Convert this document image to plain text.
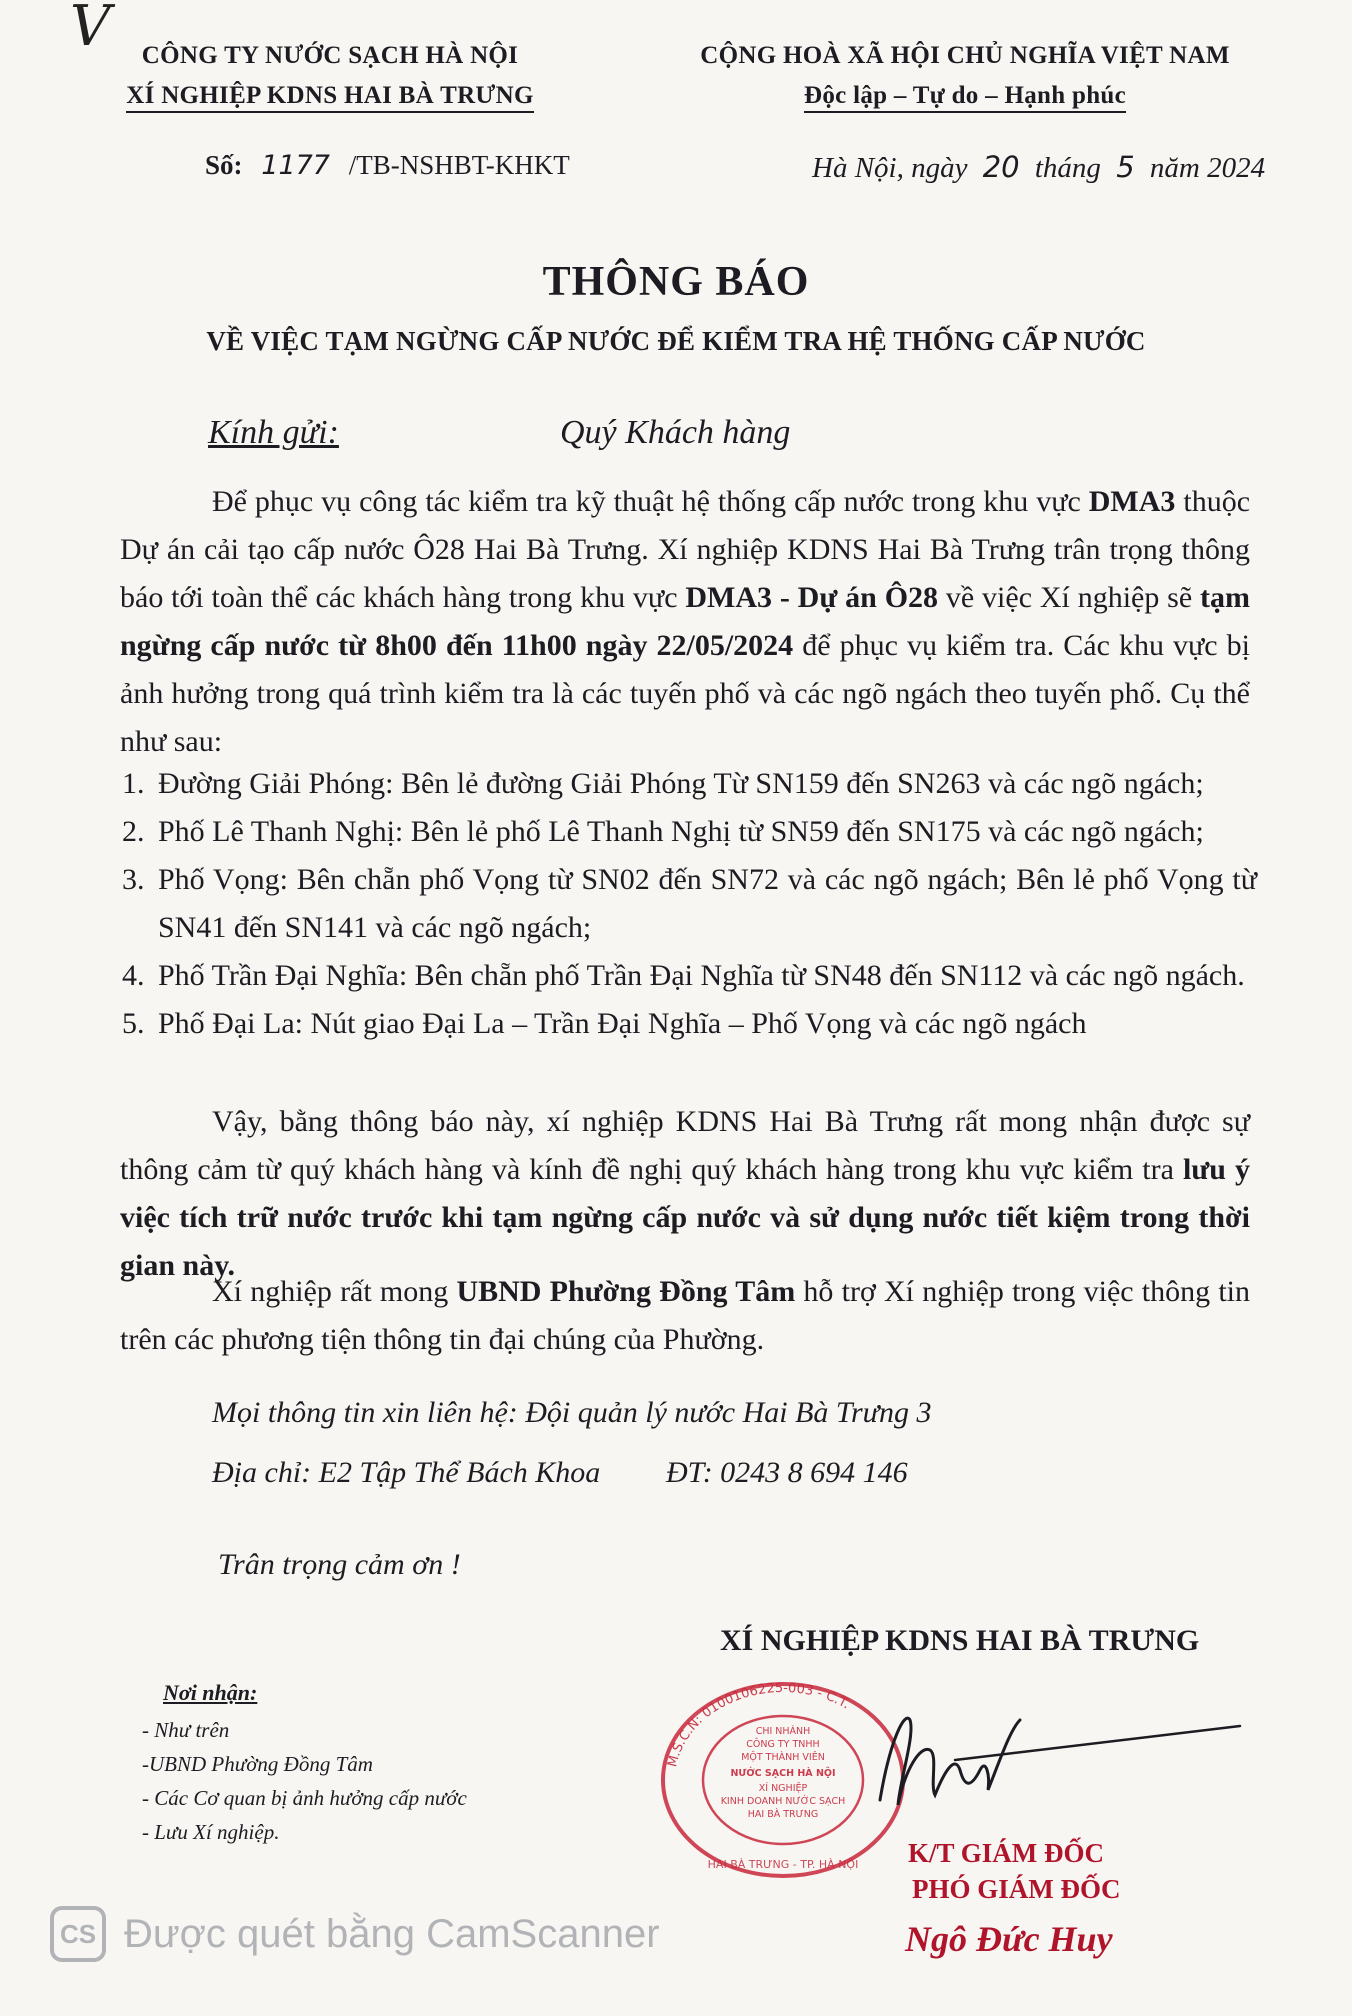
V	CÔNG TY NƯỚC SẠCH HÀ NỘI
XÍ NGHIỆP KDNS HAI BÀ TRƯNG
CỘNG HOÀ XÃ HỘI CHỦ NGHĨA VIỆT NAM
Độc lập – Tự do – Hạnh phúc
Số: 1177 /TB-NSHBT-KHKT	Hà Nội, ngày 20 tháng 5 năm 2024
THÔNG BÁO
VỀ VIỆC TẠM NGỪNG CẤP NƯỚC ĐỂ KIỂM TRA HỆ THỐNG CẤP NƯỚC
Kính gửi:	Quý Khách hàng

Để phục vụ công tác kiểm tra kỹ thuật hệ thống cấp nước trong khu vực DMA3 thuộc Dự án cải tạo cấp nước Ô28 Hai Bà Trưng. Xí nghiệp KDNS Hai Bà Trưng trân trọng thông báo tới toàn thể các khách hàng trong khu vực DMA3 - Dự án Ô28 về việc Xí nghiệp sẽ tạm ngừng cấp nước từ 8h00 đến 11h00 ngày 22/05/2024 để phục vụ kiểm tra. Các khu vực bị ảnh hưởng trong quá trình kiểm tra là các tuyến phố và các ngõ ngách theo tuyến phố. Cụ thể như sau:

1. Đường Giải Phóng: Bên lẻ đường Giải Phóng Từ SN159 đến SN263 và các ngõ ngách;
2. Phố Lê Thanh Nghị: Bên lẻ phố Lê Thanh Nghị từ SN59 đến SN175 và các ngõ ngách;
3. Phố Vọng: Bên chẵn phố Vọng từ SN02 đến SN72 và các ngõ ngách; Bên lẻ phố Vọng từ SN41 đến SN141 và các ngõ ngách;
4. Phố Trần Đại Nghĩa: Bên chẵn phố Trần Đại Nghĩa từ SN48 đến SN112 và các ngõ ngách.
5. Phố Đại La: Nút giao Đại La – Trần Đại Nghĩa – Phố Vọng và các ngõ ngách

Vậy, bằng thông báo này, xí nghiệp KDNS Hai Bà Trưng rất mong nhận được sự thông cảm từ quý khách hàng và kính đề nghị quý khách hàng trong khu vực kiểm tra lưu ý việc tích trữ nước trước khi tạm ngừng cấp nước và sử dụng nước tiết kiệm trong thời gian này.

Xí nghiệp rất mong UBND Phường Đồng Tâm hỗ trợ Xí nghiệp trong việc thông tin trên các phương tiện thông tin đại chúng của Phường.

Mọi thông tin xin liên hệ: Đội quản lý nước Hai Bà Trưng 3
Địa chỉ: E2 Tập Thể Bách Khoa ĐT: 0243 8 694 146
Trân trọng cảm ơn !
XÍ NGHIỆP KDNS HAI BÀ TRƯNG
Nơi nhận:
- Như trên
-UBND Phường Đồng Tâm
- Các Cơ quan bị ảnh hưởng cấp nước
- Lưu Xí nghiệp.
M.S.C.N: 0100106225-003 - C.T.
CHI NHÁNH
CÔNG TY TNHH
MỘT THÀNH VIÊN
NƯỚC SẠCH HÀ NỘI
XÍ NGHIỆP
KINH DOANH NƯỚC SẠCH
HAI BÀ TRƯNG
HAI BÀ TRƯNG - TP. HÀ NỘI K/T GIÁM ĐỐC
PHÓ GIÁM ĐỐC
Ngô Đức Huy
CS Được quét bằng CamScanner
